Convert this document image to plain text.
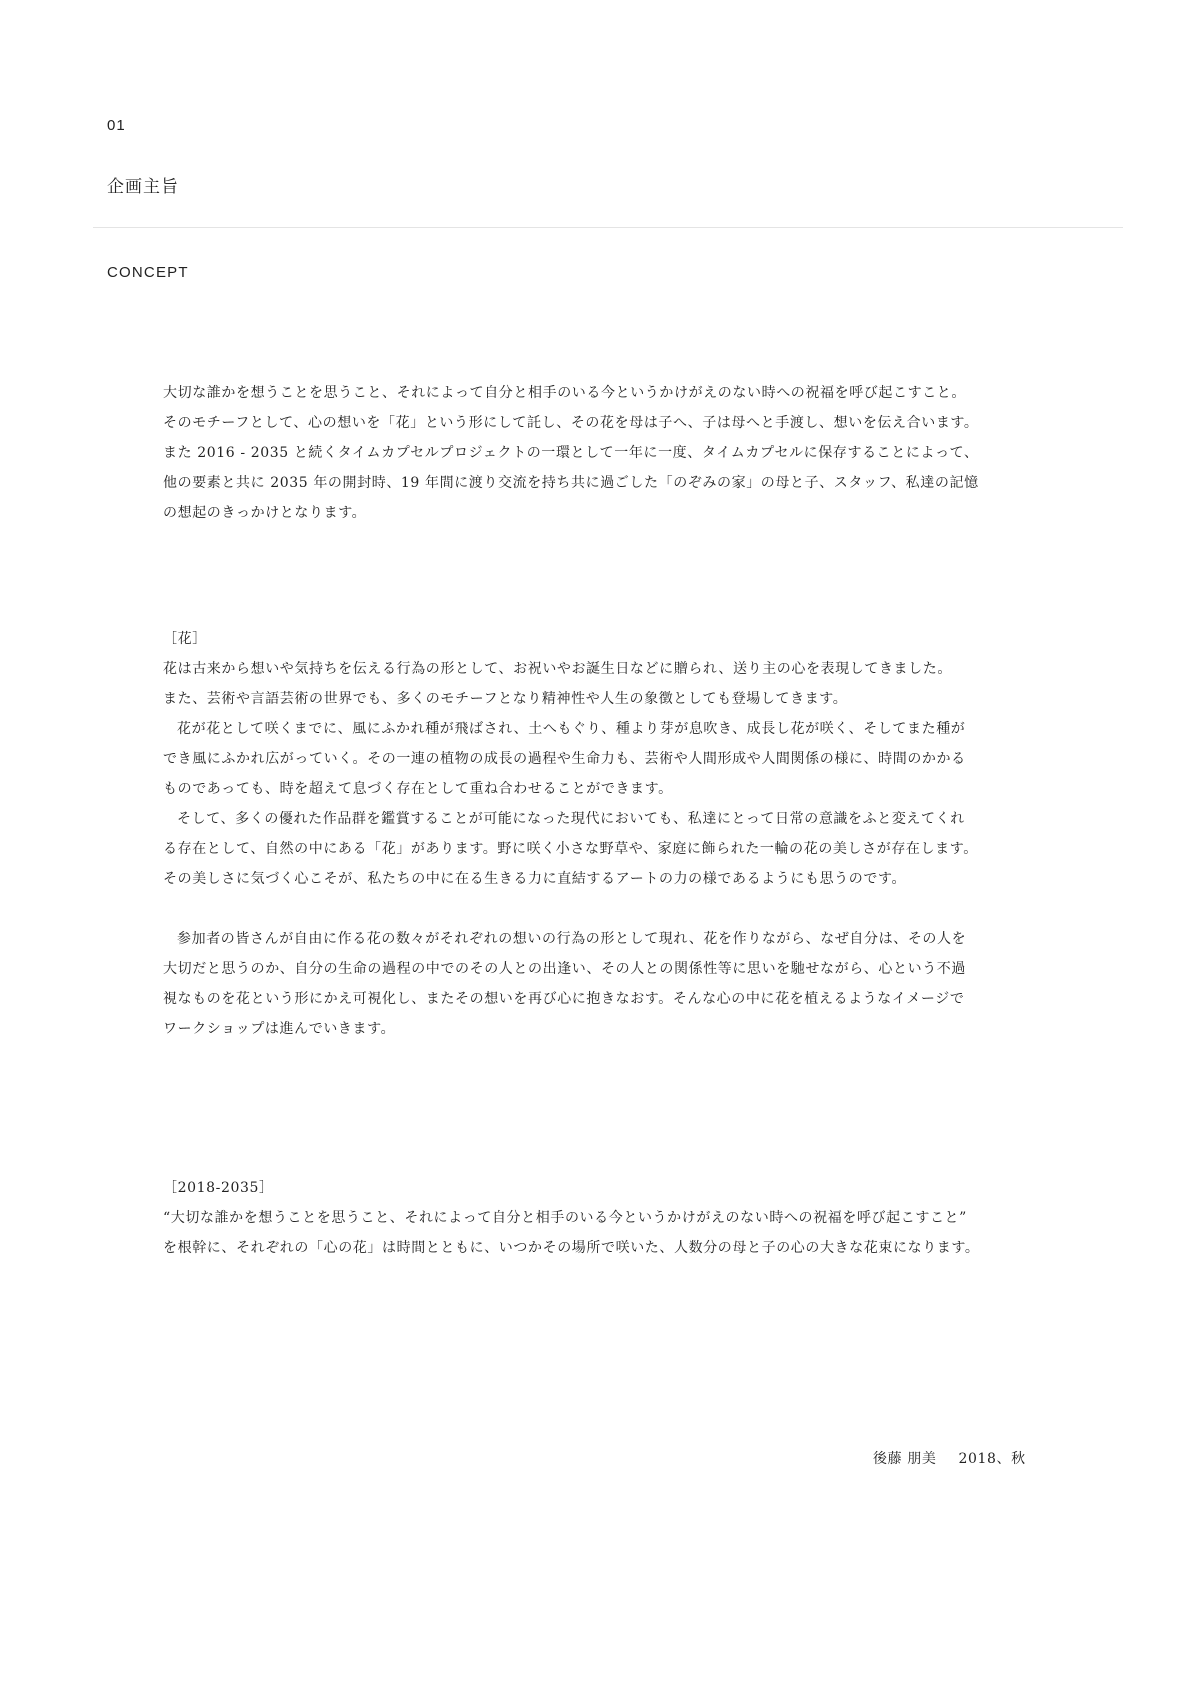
01
企画主旨
CONCEPT

大切な誰かを想うことを思うこと、それによって自分と相手のいる今というかけがえのない時への祝福を呼び起こすこと。

そのモチーフとして、心の想いを「花」という形にして託し、その花を母は子へ、子は母へと手渡し、想いを伝え合います。

また 2016 - 2035 と続くタイムカプセルプロジェクトの一環として一年に一度、タイムカプセルに保存することによって、

他の要素と共に 2035 年の開封時、19 年間に渡り交流を持ち共に過ごした「のぞみの家」の母と子、スタッフ、私達の記憶

の想起のきっかけとなります。

［花］

花は古来から想いや気持ちを伝える行為の形として、お祝いやお誕生日などに贈られ、送り主の心を表現してきました。

また、芸術や言語芸術の世界でも、多くのモチーフとなり精神性や人生の象徴としても登場してきます。

花が花として咲くまでに、風にふかれ種が飛ばされ、土へもぐり、種より芽が息吹き、成長し花が咲く、そしてまた種が

でき風にふかれ広がっていく。その一連の植物の成長の過程や生命力も、芸術や人間形成や人間関係の様に、時間のかかる

ものであっても、時を超えて息づく存在として重ね合わせることができます。

そして、多くの優れた作品群を鑑賞することが可能になった現代においても、私達にとって日常の意識をふと変えてくれ

る存在として、自然の中にある「花」があります。野に咲く小さな野草や、家庭に飾られた一輪の花の美しさが存在します。

その美しさに気づく心こそが、私たちの中に在る生きる力に直結するアートの力の様であるようにも思うのです。

参加者の皆さんが自由に作る花の数々がそれぞれの想いの行為の形として現れ、花を作りながら、なぜ自分は、その人を

大切だと思うのか、自分の生命の過程の中でのその人との出逢い、その人との関係性等に思いを馳せながら、心という不過

視なものを花という形にかえ可視化し、またその想いを再び心に抱きなおす。そんな心の中に花を植えるようなイメージで

ワークショップは進んでいきます。

［2018-2035］

“大切な誰かを想うことを思うこと、それによって自分と相手のいる今というかけがえのない時への祝福を呼び起こすこと”

を根幹に、それぞれの「心の花」は時間とともに、いつかその場所で咲いた、人数分の母と子の心の大きな花束になります。

後藤 朋美 2018、秋
